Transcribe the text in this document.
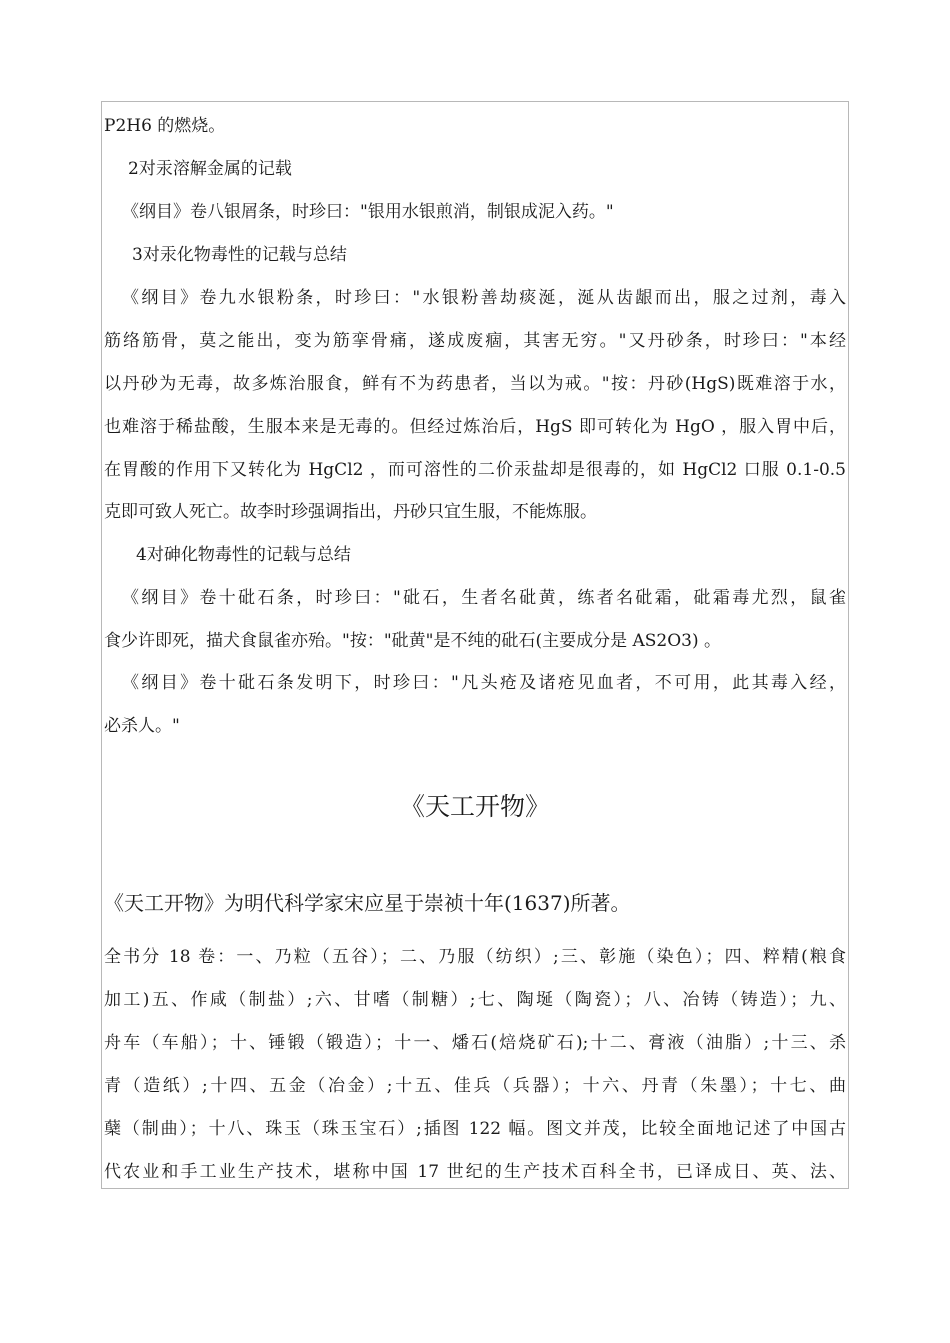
P2H6 的燃烧。
2对汞溶解金属的记载
《纲目》卷八银屑条，时珍曰："银用水银煎消，制银成泥入药。"
3对汞化物毒性的记载与总结
《纲目》卷九水银粉条，时珍曰："水银粉善劫痰涎，涎从齿龈而出，服之过剂，毒入
筋络筋骨，莫之能出，变为筋挛骨痛，遂成废痼，其害无穷。"又丹砂条，时珍曰："本经
以丹砂为无毒，故多炼治服食，鲜有不为药患者，当以为戒。"按：丹砂(HgS)既难溶于水，
也难溶于稀盐酸，生服本来是无毒的。但经过炼治后，HgS 即可转化为 HgO ，服入胃中后，
在胃酸的作用下又转化为 HgCl2 ，而可溶性的二价汞盐却是很毒的，如 HgCl2 口服 0.1-0.5
克即可致人死亡。故李时珍强调指出，丹砂只宜生服，不能炼服。
4对砷化物毒性的记载与总结
《纲目》卷十砒石条，时珍曰："砒石，生者名砒黄，练者名砒霜，砒霜毒尤烈，鼠雀
食少许即死，描犬食鼠雀亦殆。"按："砒黄"是不纯的砒石(主要成分是 AS2O3) 。
《纲目》卷十砒石条发明下，时珍曰："凡头疮及诸疮见血者，不可用，此其毒入经，
必杀人。"
《天工开物》
《天工开物》为明代科学家宋应星于崇祯十年(1637)所著。
全书分 18 卷：一、乃粒（五谷）；二、乃服（纺织）;三、彰施（染色）；四、粹精(粮食
加工)五、作咸（制盐）;六、甘嗜（制糖）;七、陶埏（陶瓷）；八、冶铸（铸造）；九、
舟车（车船）；十、锤锻（锻造）；十一、燔石(焙烧矿石);十二、膏液（油脂）;十三、杀
青（造纸）;十四、五金（冶金）;十五、佳兵（兵器）；十六、丹青（朱墨）；十七、曲
蘖（制曲）；十八、珠玉（珠玉宝石）;插图 122 幅。图文并茂，比较全面地记述了中国古
代农业和手工业生产技术，堪称中国 17 世纪的生产技术百科全书，已译成日、英、法、
